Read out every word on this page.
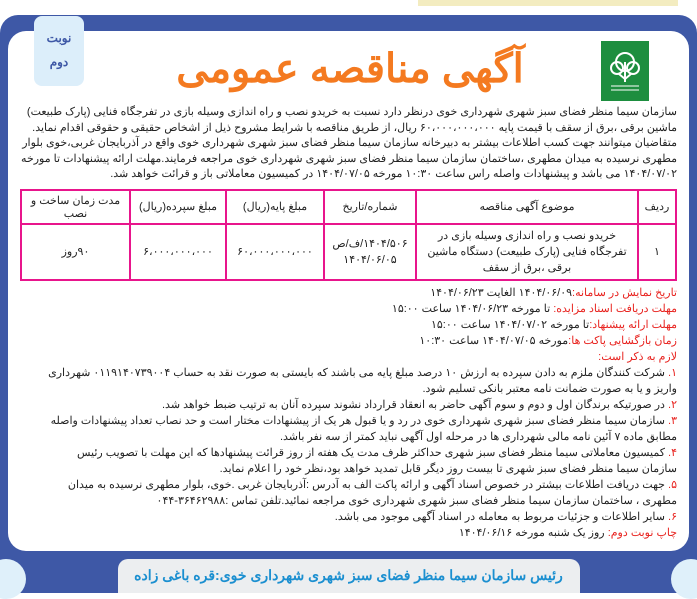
نوبت
دوم	آگهی مناقصه عمومی

سازمان سیما منظر فضای سبز شهری شهرداری خوی درنظر دارد نسبت به خریدو نصب و راه اندازی وسیله بازی در تفرجگاه فنایی (پارک طبیعت) ماشین برقی ،برق از سقف با قیمت پایه ۶۰،۰۰۰،۰۰۰،۰۰۰ ریال، از طریق مناقصه با شرایط مشروح ذیل از اشخاص حقیقی و حقوقی اقدام نماید.

متقاضیان میتوانند جهت کسب اطلاعات بیشتر به دبیرخانه سازمان سیما منظر فضای سبز شهری شهرداری خوی واقع در آذربایجان غربی،خوی بلوار مطهری نرسیده به میدان مطهری ،ساختمان سازمان سیما منظر فضای سبز شهری شهرداری خوی مراجعه فرمایند.مهلت ارائه پیشنهادات تا مورخه ۱۴۰۴/۰۷/۰۲ می باشد و پیشنهادات واصله راس ساعت ۱۰:۳۰ مورخه ۱۴۰۴/۰۷/۰۵ در کمیسیون معاملاتی باز و قرائت خواهد شد.

ردیف	موضوع آگهی مناقصه	شماره/تاریخ	مبلغ پایه(ریال)	مبلغ سپرده(ریال)	مدت زمان ساخت و نصب
۱	خریدو نصب و راه اندازی وسیله بازی در تفرجگاه فنایی (پارک طبیعت) دستگاه ماشین برقی ،برق از سقف	۱۴۰۴/۵۰۶/ف/ص
۱۴۰۴/۰۶/۰۵	۶۰،۰۰۰،۰۰۰،۰۰۰	۶،۰۰۰،۰۰۰،۰۰۰	۹۰روز
تاریخ نمایش در سامانه:۱۴۰۴/۰۶/۰۹ الغایت ۱۴۰۴/۰۶/۲۳
مهلت دریافت اسناد مزایده: تا مورخه ۱۴۰۴/۰۶/۲۳ ساعت ۱۵:۰۰
مهلت ارائه پیشنهاد:تا مورخه ۱۴۰۴/۰۷/۰۲ ساعت ۱۵:۰۰
زمان بازگشایی پاکت ها:مورخه ۱۴۰۴/۰۷/۰۵ ساعت ۱۰:۳۰
لازم به ذکر است:
۱. شرکت کنندگان ملزم به دادن سپرده به ارزش ۱۰ درصد مبلغ پایه می باشند که بایستی به صورت نقد به حساب ۰۱۱۹۱۴۰۷۳۹۰۰۴ شهرداری واریز و یا به صورت ضمانت نامه معتبر بانکی تسلیم شود.
۲. در صورتیکه برندگان اول و دوم و سوم آگهی حاضر به انعقاد قرارداد نشوند سپرده آنان به ترتیب ضبط خواهد شد.
۳. سازمان سیما منظر فضای سبز شهری شهرداری خوی در رد و یا قبول هر یک از پیشنهادات مختار است و حد نصاب تعداد پیشنهادات واصله مطابق ماده ۷ آئین نامه مالی شهرداری ها در مرحله اول آگهی نباید کمتر از سه نفر باشد.
۴. کمیسیون معاملاتی سیما منظر فضای سبز شهری حداکثر ظرف مدت یک هفته از روز قرائت پیشنهادها که این مهلت با تصویب رئیس سازمان سیما منظر فضای سبز شهری تا بیست روز دیگر قابل تمدید خواهد بود،نظر خود را اعلام نماید.
۵. جهت دریافت اطلاعات بیشتر در خصوص اسناد آگهی و ارائه پاکت الف به آدرس :آذربایجان غربی .خوی، بلوار مطهری نرسیده به میدان مطهری ، ساختمان سازمان سیما منظر فضای سبز شهری شهرداری خوی مراجعه نمائید.تلفن تماس :۳۶۴۶۲۹۸۸-۰۴۴
۶. سایر اطلاعات و جزئیات مربوط به معامله در اسناد آگهی موجود می باشد.
چاپ نوبت دوم: روز یک شنبه مورخه ۱۴۰۴/۰۶/۱۶
رئیس سازمان سیما منظر فضای سبز شهری شهرداری خوی:قره باغی زاده
